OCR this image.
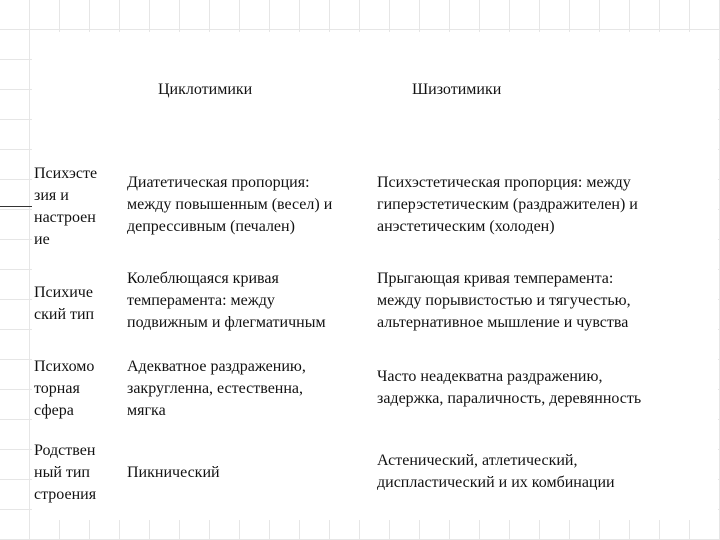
Циклотимики	Шизотимики
Психэсте
зия и
настроен
ие
Диатетическая пропорция:
между повышенным (весел) и
депрессивным (печален)
Психэстетическая пропорция: между
гиперэстетическим (раздражителен) и
анэстетическим (холоден)
Психиче
ский тип
Колеблющаяся кривая
темперамента: между
подвижным и флегматичным
Прыгающая кривая темперамента:
между порывистостью и тягучестью,
альтернативное мышление и чувства
Психомо
торная
сфера
Адекватное раздражению,
закругленна, естественна,
мягка
Часто неадекватна раздражению,
задержка, параличность, деревянность
Родствен
ный тип
строения
Пикнический
Астенический, атлетический,
диспластический и их комбинации
